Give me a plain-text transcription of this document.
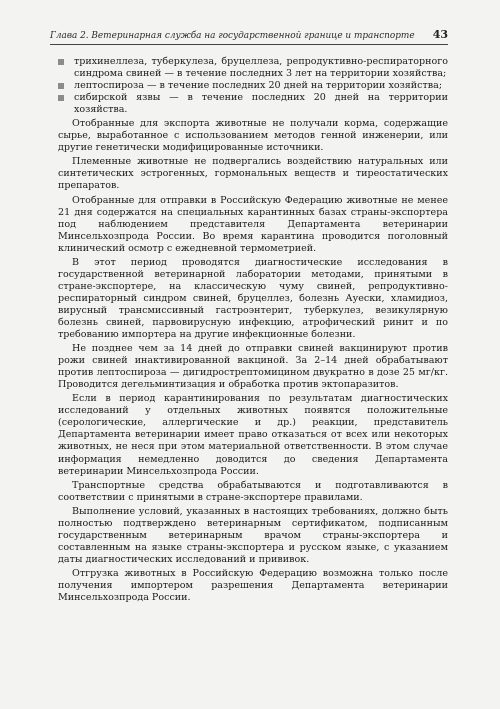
Глава 2. Ветеринарная служба на государственной границе и транспорте 43
трихинеллеза, туберкулеза, бруцеллеза, репродуктивно-респираторного синдрома свиней — в течение последних 3 лет на территории хозяйства;
лептоспироза — в течение последних 20 дней на территории хозяйства;
сибирской язвы — в течение последних 20 дней на территории хозяйства.

Отобранные для экспорта животные не получали корма, содержащие сырье, выработанное с использованием методов генной инженерии, или другие генетически модифицированные источники.

Племенные животные не подвергались воздействию натуральных или синтетических эстрогенных, гормональных веществ и тиреостатических препаратов.

Отобранные для отправки в Российскую Федерацию животные не менее 21 дня содержатся на специальных карантинных базах страны-экспортера под наблюдением представителя Департамента ветеринарии Минсельхозпрода России. Во время карантина проводится поголовный клинический осмотр с ежедневной термометрией.

В этот период проводятся диагностические исследования в государственной ветеринарной лаборатории методами, принятыми в стране-экспортере, на классическую чуму свиней, репродуктивно-респираторный синдром свиней, бруцеллез, болезнь Ауески, хламидиоз, вирусный трансмиссивный гастроэнтерит, туберкулез, везикулярную болезнь свиней, парвовирусную инфекцию, атрофический ринит и по требованию импортера на другие инфекционные болезни.

Не позднее чем за 14 дней до отправки свиней вакцинируют против рожи свиней инактивированной вакциной. За 2–14 дней обрабатывают против лептоспироза — дигидрострептомицином двукратно в дозе 25 мг/кг. Проводится дегельминтизация и обработка против эктопаразитов.

Если в период карантинирования по результатам диагностических исследований у отдельных животных появятся положительные (серологические, аллергические и др.) реакции, представитель Департамента ветеринарии имеет право отказаться от всех или некоторых животных, не неся при этом материальной ответственности. В этом случае информация немедленно доводится до сведения Департамента ветеринарии Минсельхозпрода России.

Транспортные средства обрабатываются и подготавливаются в соответствии с принятыми в стране-экспортере правилами.

Выполнение условий, указанных в настоящих требованиях, должно быть полностью подтверждено ветеринарным сертификатом, подписанным государственным ветеринарным врачом страны-экспортера и составленным на языке страны-экспортера и русском языке, с указанием даты диагностических исследований и прививок.

Отгрузка животных в Российскую Федерацию возможна только после получения импортером разрешения Департамента ветеринарии Минсельхозпрода России.
